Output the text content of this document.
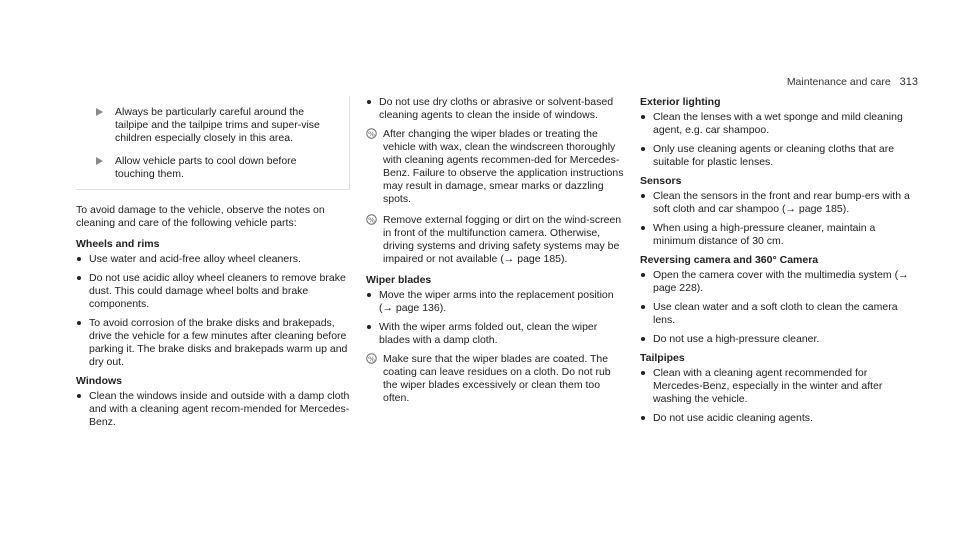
Maintenance and care 313
Always be particularly careful around the tailpipe and the tailpipe trims and super-vise children especially closely in this area.
Allow vehicle parts to cool down before touching them.

To avoid damage to the vehicle, observe the notes on cleaning and care of the following vehicle parts:

Wheels and rims
Use water and acid-free alloy wheel cleaners.
Do not use acidic alloy wheel cleaners to remove brake dust. This could damage wheel bolts and brake components.
To avoid corrosion of the brake disks and brakepads, drive the vehicle for a few minutes after cleaning before parking it. The brake disks and brakepads warm up and dry out.
Windows
Clean the windows inside and outside with a damp cloth and with a cleaning agent recom-mended for Mercedes-Benz.
Do not use dry cloths or abrasive or solvent-based cleaning agents to clean the inside of windows.
% After changing the wiper blades or treating the vehicle with wax, clean the windscreen thoroughly with cleaning agents recommen-ded for Mercedes-Benz. Failure to observe the application instructions may result in damage, smear marks or dazzling spots.
% Remove external fogging or dirt on the wind-screen in front of the multifunction camera. Otherwise, driving systems and driving safety systems may be impaired or not available (→ page 185).
Wiper blades
Move the wiper arms into the replacement position (→ page 136).
With the wiper arms folded out, clean the wiper blades with a damp cloth.
% Make sure that the wiper blades are coated. The coating can leave residues on a cloth. Do not rub the wiper blades excessively or clean them too often.
Exterior lighting
Clean the lenses with a wet sponge and mild cleaning agent, e.g. car shampoo.
Only use cleaning agents or cleaning cloths that are suitable for plastic lenses.
Sensors
Clean the sensors in the front and rear bump-ers with a soft cloth and car shampoo (→ page 185).
When using a high-pressure cleaner, maintain a minimum distance of 30 cm.
Reversing camera and 360° Camera
Open the camera cover with the multimedia system (→ page 228).
Use clean water and a soft cloth to clean the camera lens.
Do not use a high-pressure cleaner.
Tailpipes
Clean with a cleaning agent recommended for Mercedes-Benz, especially in the winter and after washing the vehicle.
Do not use acidic cleaning agents.
